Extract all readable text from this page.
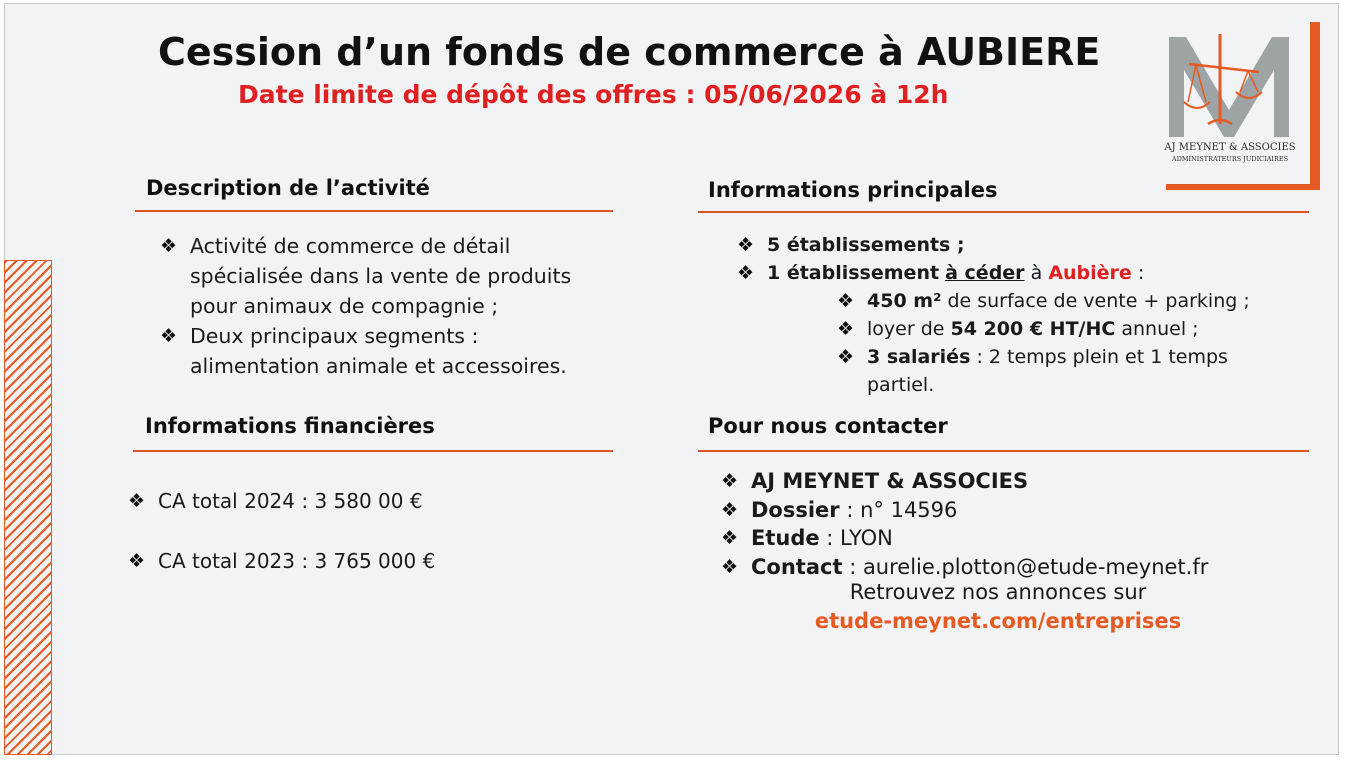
Cession d’un fonds de commerce à AUBIERE
Date limite de dépôt des offres : 05/06/2026 à 12h
AJ MEYNET & ASSOCIES
ADMINISTRATEURS JUDICIAIRES
Description de l’activité
❖ Activité de commerce de détail
spécialisée dans la vente de produits
pour animaux de compagnie ;
❖ Deux principaux segments :
alimentation animale et accessoires.
Informations financières
❖ CA total 2024 : 3 580 00 €
❖ CA total 2023 : 3 765 000 €
Informations principales
❖ 5 établissements ;
❖ 1 établissement à céder à Aubière :
❖ 450 m² de surface de vente + parking ;
❖ loyer de 54 200 € HT/HC annuel ;
❖ 3 salariés : 2 temps plein et 1 temps
partiel.
Pour nous contacter
❖ AJ MEYNET & ASSOCIES
❖ Dossier : n° 14596
❖ Etude : LYON
❖ Contact : aurelie.plotton@etude-meynet.fr
Retrouvez nos annonces sur
etude-meynet.com/entreprises
